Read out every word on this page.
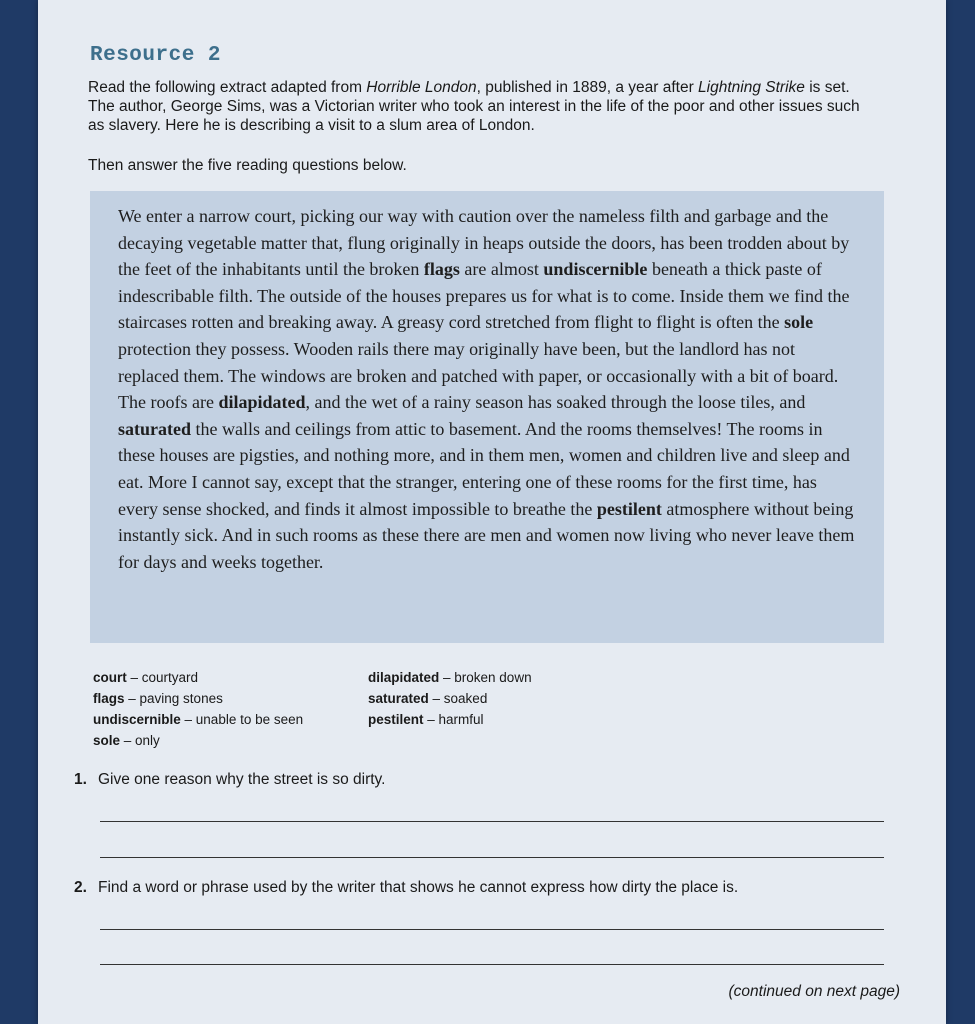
Resource 2
Read the following extract adapted from Horrible London, published in 1889, a year after Lightning Strike is set. The author, George Sims, was a Victorian writer who took an interest in the life of the poor and other issues such as slavery. Here he is describing a visit to a slum area of London.
Then answer the five reading questions below.
We enter a narrow court, picking our way with caution over the nameless filth and garbage and the decaying vegetable matter that, flung originally in heaps outside the doors, has been trodden about by the feet of the inhabitants until the broken flags are almost undiscernible beneath a thick paste of indescribable filth. The outside of the houses prepares us for what is to come. Inside them we find the staircases rotten and breaking away. A greasy cord stretched from flight to flight is often the sole protection they possess. Wooden rails there may originally have been, but the landlord has not replaced them. The windows are broken and patched with paper, or occasionally with a bit of board. The roofs are dilapidated, and the wet of a rainy season has soaked through the loose tiles, and saturated the walls and ceilings from attic to basement. And the rooms themselves! The rooms in these houses are pigsties, and nothing more, and in them men, women and children live and sleep and eat. More I cannot say, except that the stranger, entering one of these rooms for the first time, has every sense shocked, and finds it almost impossible to breathe the pestilent atmosphere without being instantly sick. And in such rooms as these there are men and women now living who never leave them for days and weeks together.
court – courtyard
flags – paving stones
undiscernible – unable to be seen
sole – only
dilapidated – broken down
saturated – soaked
pestilent – harmful
1. Give one reason why the street is so dirty.
2. Find a word or phrase used by the writer that shows he cannot express how dirty the place is.
(continued on next page)
